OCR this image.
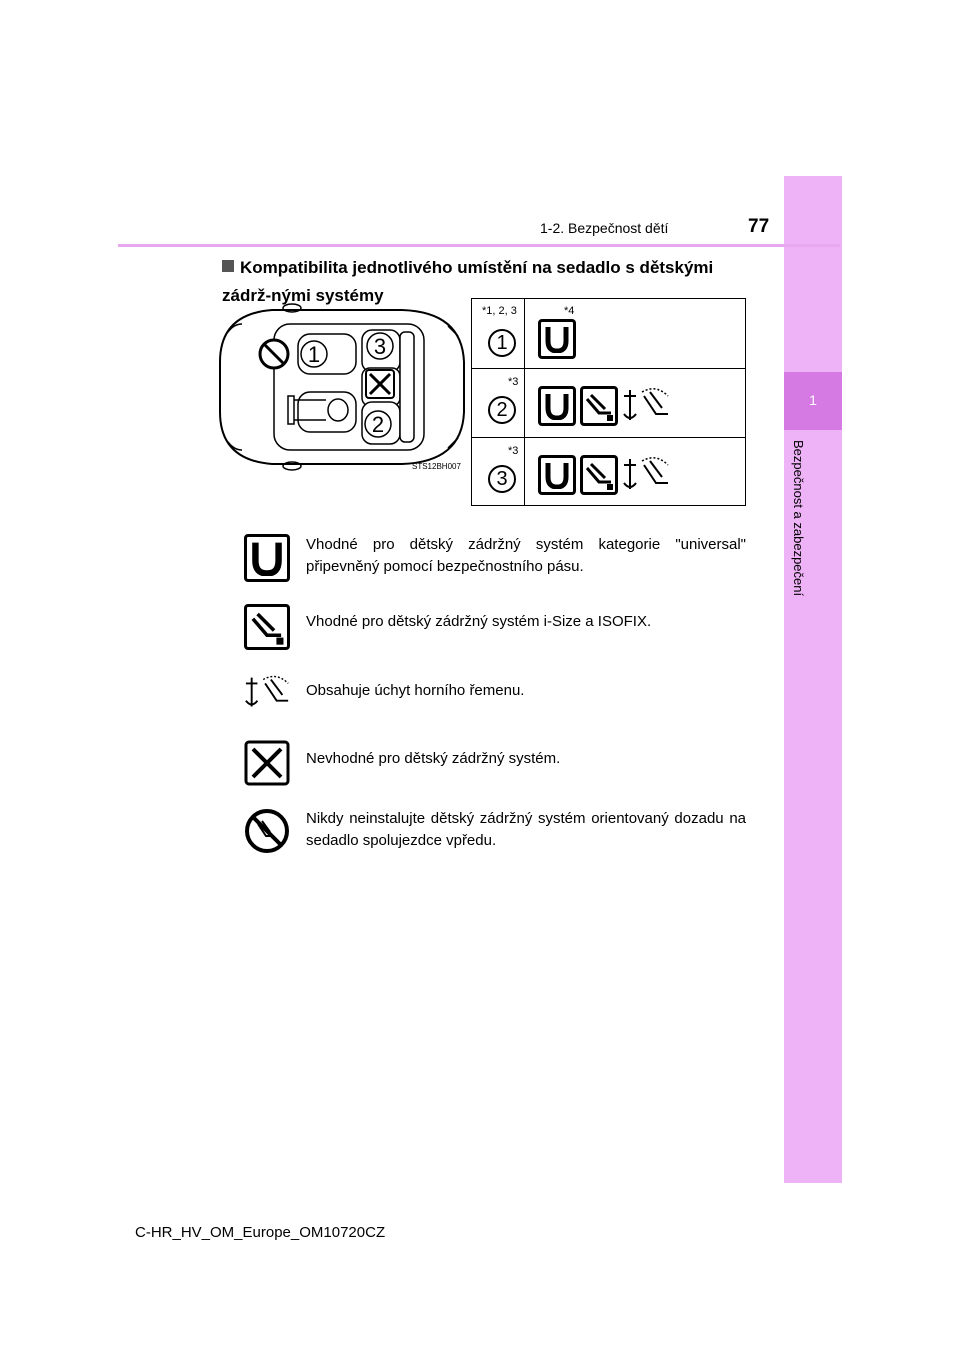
1
Bezpečnost a zabezpečení
1-2. Bezpečnost dětí	77
Kompatibilita jednotlivého umístění na sedadlo s dětskými zádrž-nými systémy
1 3
2
STS12BH007
*1, 2, 3	*4
1
*3
2
*3
3
Vhodné pro dětský zádržný systém kategorie "universal" připevněný pomocí bezpečnostního pásu.
Vhodné pro dětský zádržný systém i-Size a ISOFIX.
Obsahuje úchyt horního řemenu.
Nevhodné pro dětský zádržný systém.
Nikdy neinstalujte dětský zádržný systém orientovaný dozadu na sedadlo spolujezdce vpředu.
C-HR_HV_OM_Europe_OM10720CZ
